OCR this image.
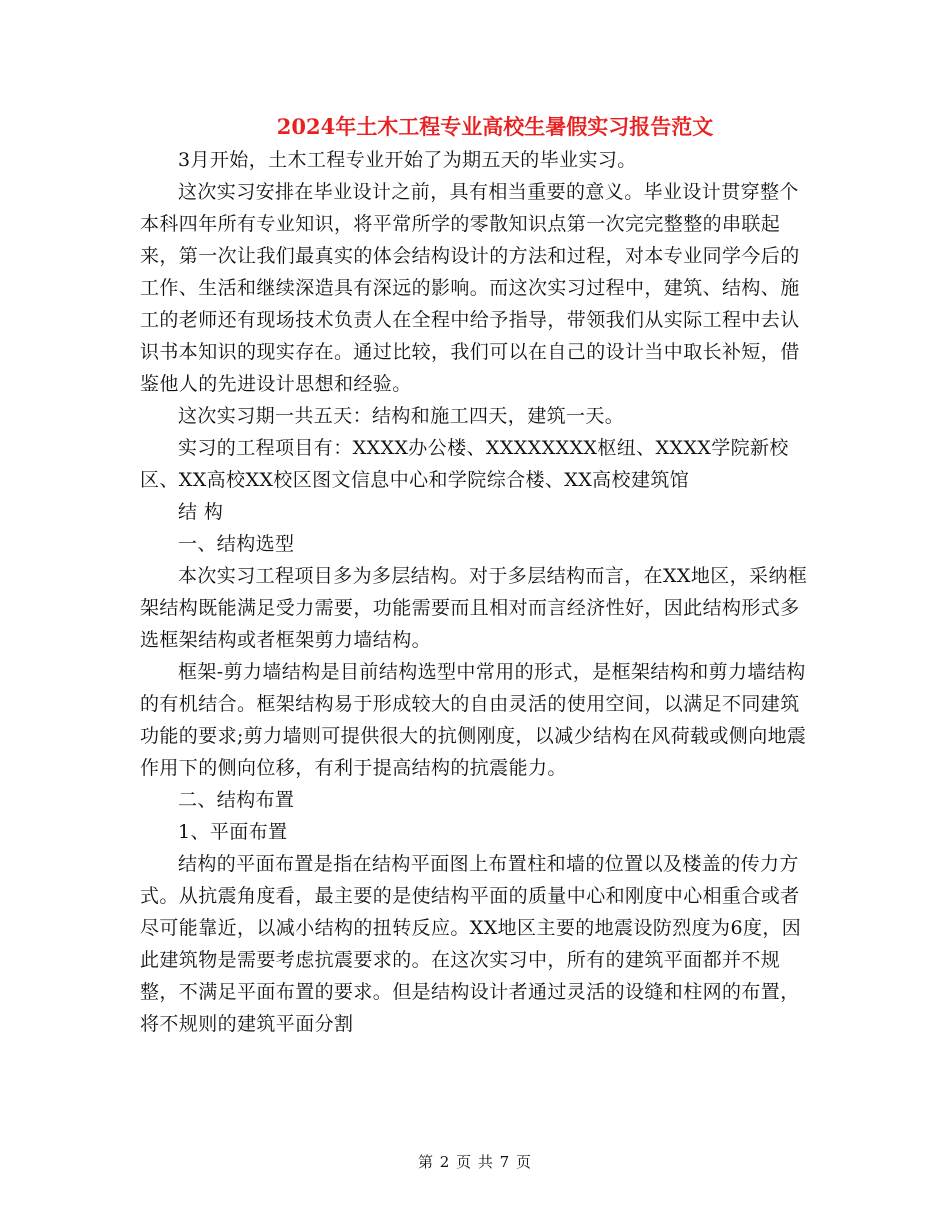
2024年土木工程专业高校生暑假实习报告范文

3月开始，土木工程专业开始了为期五天的毕业实习。

这次实习安排在毕业设计之前，具有相当重要的意义。毕业设计贯穿整个本科四年所有专业知识，将平常所学的零散知识点第一次完完整整的串联起来，第一次让我们最真实的体会结构设计的方法和过程，对本专业同学今后的工作、生活和继续深造具有深远的影响。而这次实习过程中，建筑、结构、施工的老师还有现场技术负责人在全程中给予指导，带领我们从实际工程中去认识书本知识的现实存在。通过比较，我们可以在自己的设计当中取长补短，借鉴他人的先进设计思想和经验。

这次实习期一共五天：结构和施工四天，建筑一天。

实习的工程项目有：XXXX办公楼、XXXXXXXX枢纽、XXXX学院新校区、XX高校XX校区图文信息中心和学院综合楼、XX高校建筑馆

结 构

一、结构选型

本次实习工程项目多为多层结构。对于多层结构而言，在XX地区，采纳框架结构既能满足受力需要，功能需要而且相对而言经济性好，因此结构形式多选框架结构或者框架剪力墙结构。

框架-剪力墙结构是目前结构选型中常用的形式，是框架结构和剪力墙结构的有机结合。框架结构易于形成较大的自由灵活的使用空间，以满足不同建筑功能的要求;剪力墙则可提供很大的抗侧刚度，以减少结构在风荷载或侧向地震作用下的侧向位移，有利于提高结构的抗震能力。

二、结构布置

1、平面布置

结构的平面布置是指在结构平面图上布置柱和墙的位置以及楼盖的传力方式。从抗震角度看，最主要的是使结构平面的质量中心和刚度中心相重合或者尽可能靠近，以减小结构的扭转反应。XX地区主要的地震设防烈度为6度，因此建筑物是需要考虑抗震要求的。在这次实习中，所有的建筑平面都并不规整，不满足平面布置的要求。但是结构设计者通过灵活的设缝和柱网的布置，将不规则的建筑平面分割

第 2 页 共 7 页
